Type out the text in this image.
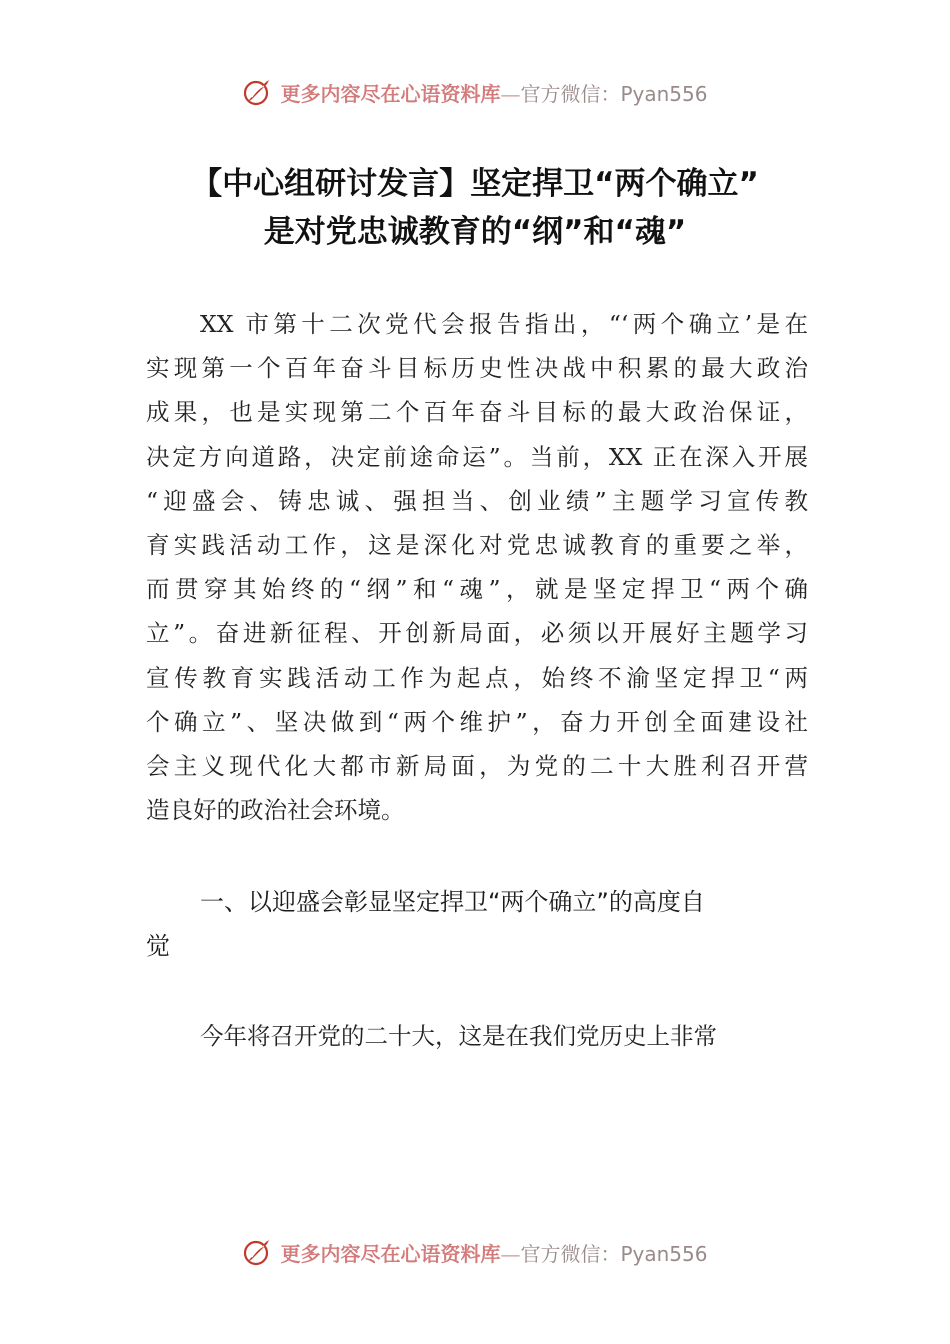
更多内容尽在心语资料库—官方微信：Pyan556
【中心组研讨发言】坚定捍卫“两个确立”
是对党忠诚教育的“纲”和“魂”
XX 市第十二次党代会报告指出，“‘两个确立’是在
实现第一个百年奋斗目标历史性决战中积累的最大政治
成果，也是实现第二个百年奋斗目标的最大政治保证，
决定方向道路，决定前途命运”。当前，XX 正在深入开展
“迎盛会、铸忠诚、强担当、创业绩”主题学习宣传教
育实践活动工作，这是深化对党忠诚教育的重要之举，
而贯穿其始终的“纲”和“魂”，就是坚定捍卫“两个确
立”。奋进新征程、开创新局面，必须以开展好主题学习
宣传教育实践活动工作为起点，始终不渝坚定捍卫“两
个确立”、坚决做到“两个维护”，奋力开创全面建设社
会主义现代化大都市新局面，为党的二十大胜利召开营
造良好的政治社会环境。
一、以迎盛会彰显坚定捍卫“两个确立”的高度自
觉
今年将召开党的二十大，这是在我们党历史上非常
更多内容尽在心语资料库—官方微信：Pyan556
